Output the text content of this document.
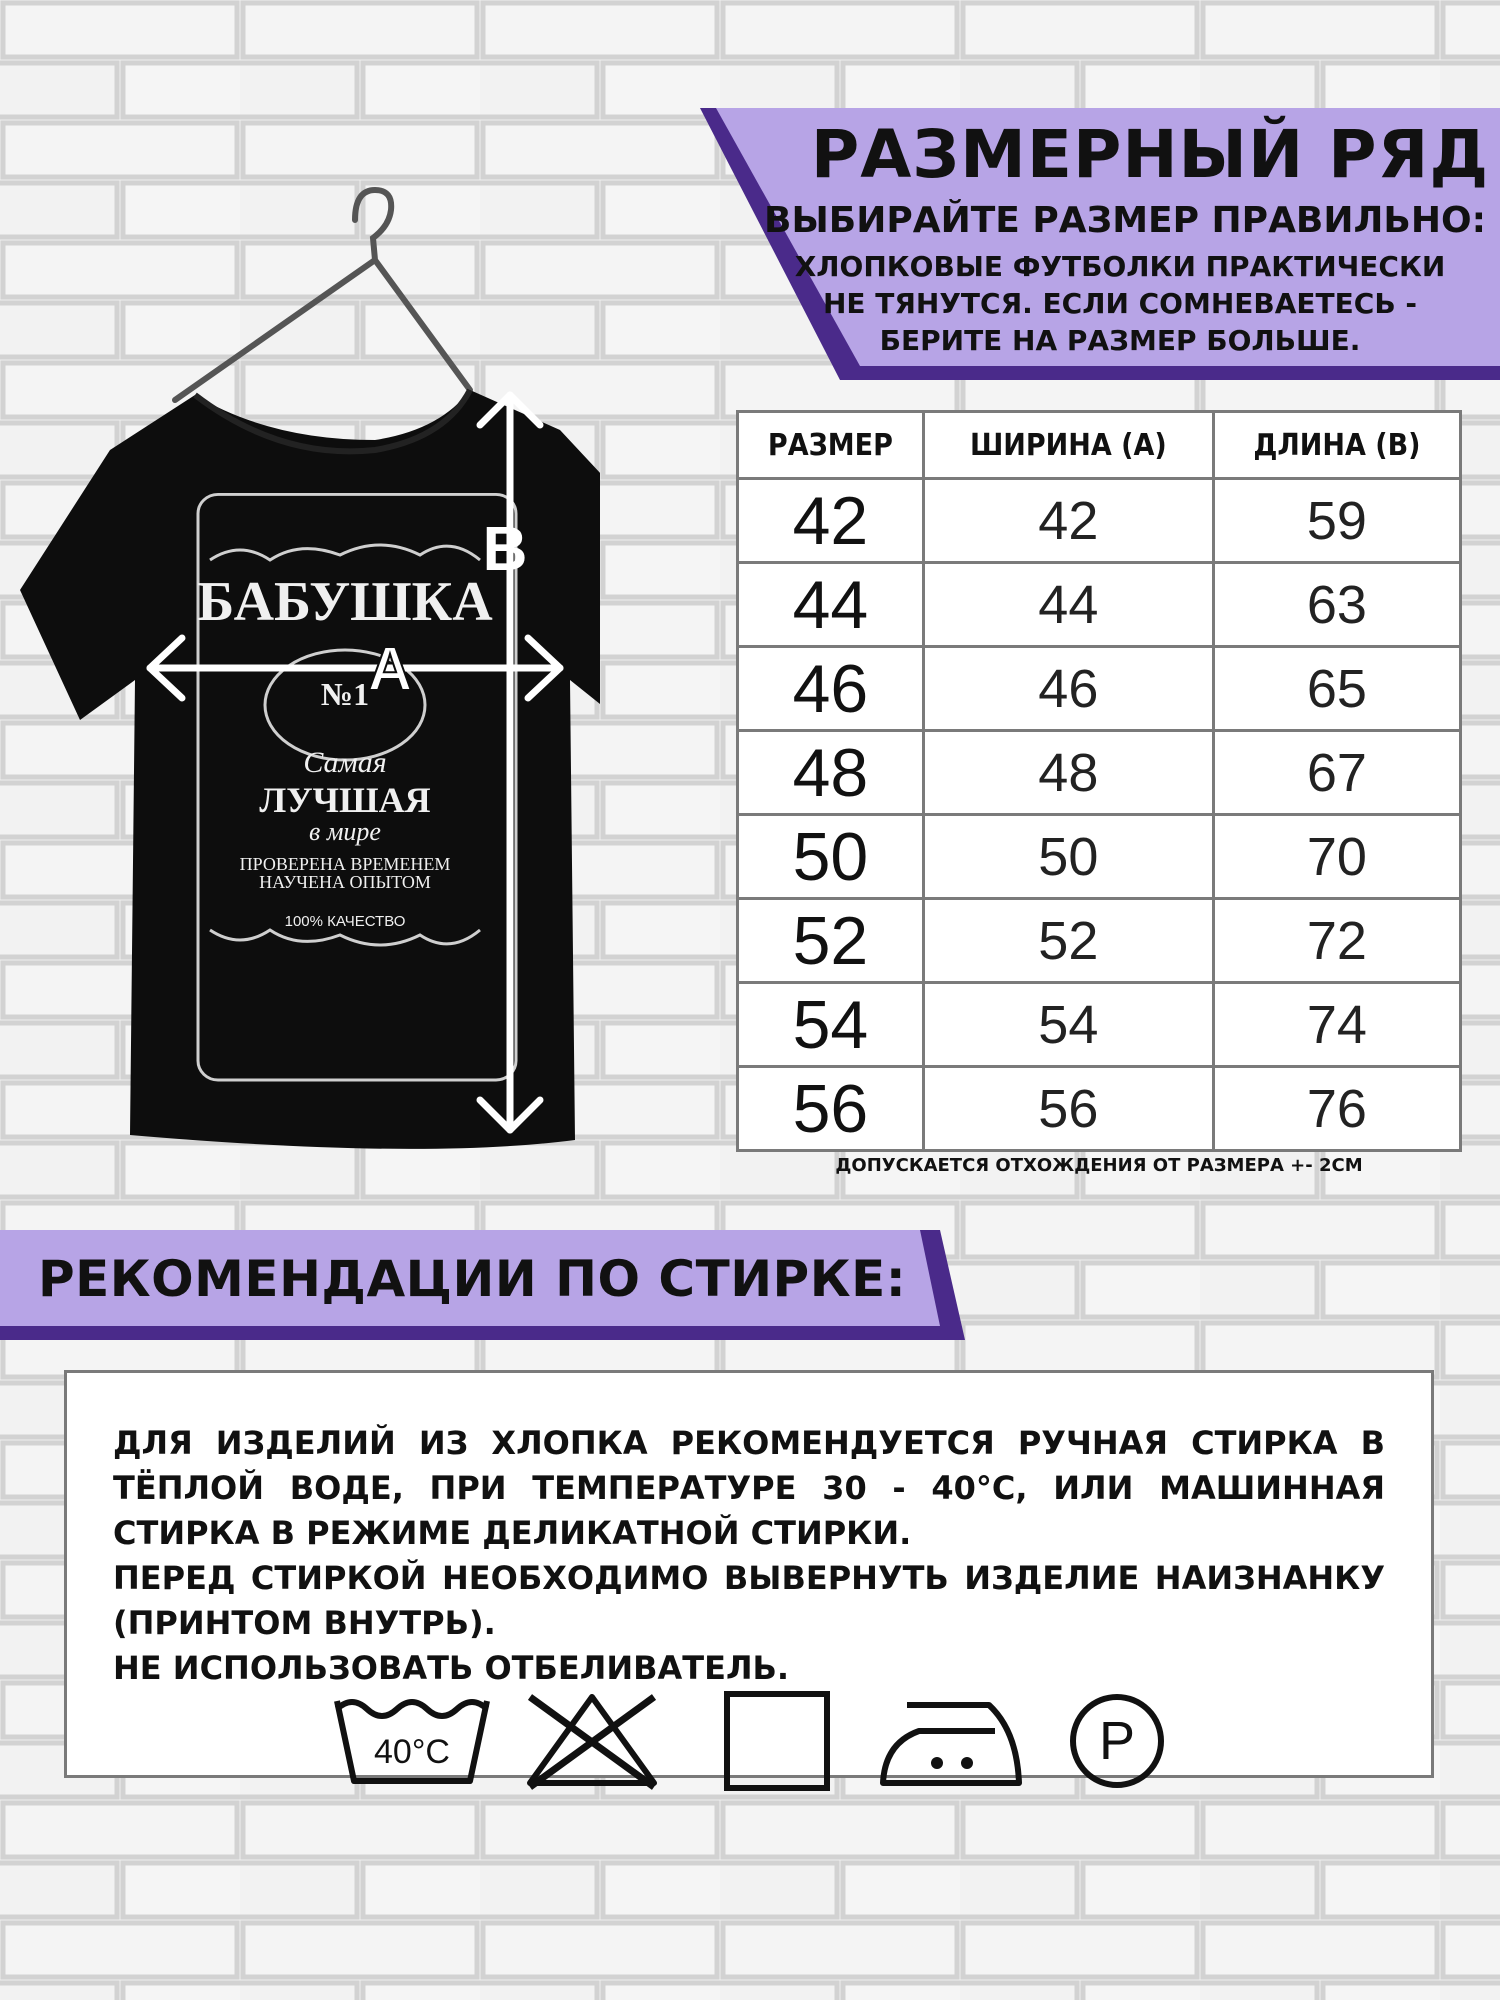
БАБУШКА
№1
Самая
ЛУЧШАЯ
в мире
ПРОВЕРЕНА ВРЕМЕНЕМ
НАУЧЕНА ОПЫТОМ
100% КАЧЕСТВО
A
B
РАЗМЕРНЫЙ РЯД
ВЫБИРАЙТЕ РАЗМЕР ПРАВИЛЬНО:
ХЛОПКОВЫЕ ФУТБОЛКИ ПРАКТИЧЕСКИ
НЕ ТЯНУТСЯ. ЕСЛИ СОМНЕВАЕТЕСЬ -
БЕРИТЕ НА РАЗМЕР БОЛЬШЕ.
РАЗМЕР	ШИРИНА (А)	ДЛИНА (В)
42	42	59
44	44	63
46	46	65
48	48	67
50	50	70
52	52	72
54	54	74
56	56	76
ДОПУСКАЕТСЯ ОТХОЖДЕНИЯ ОТ РАЗМЕРА +- 2СМ
РЕКОМЕНДАЦИИ ПО СТИРКЕ:

ДЛЯ ИЗДЕЛИЙ ИЗ ХЛОПКА РЕКОМЕНДУЕТСЯ РУЧНАЯ СТИРКА В ТЁПЛОЙ ВОДЕ, ПРИ ТЕМПЕРАТУРЕ 30 - 40°С, ИЛИ МАШИННАЯ СТИРКА В РЕЖИМЕ ДЕЛИКАТНОЙ СТИРКИ.

ПЕРЕД СТИРКОЙ НЕОБХОДИМО ВЫВЕРНУТЬ ИЗДЕЛИЕ НАИЗНАНКУ (ПРИНТОМ ВНУТРЬ).

НЕ ИСПОЛЬЗОВАТЬ ОТБЕЛИВАТЕЛЬ.

40°C	P
